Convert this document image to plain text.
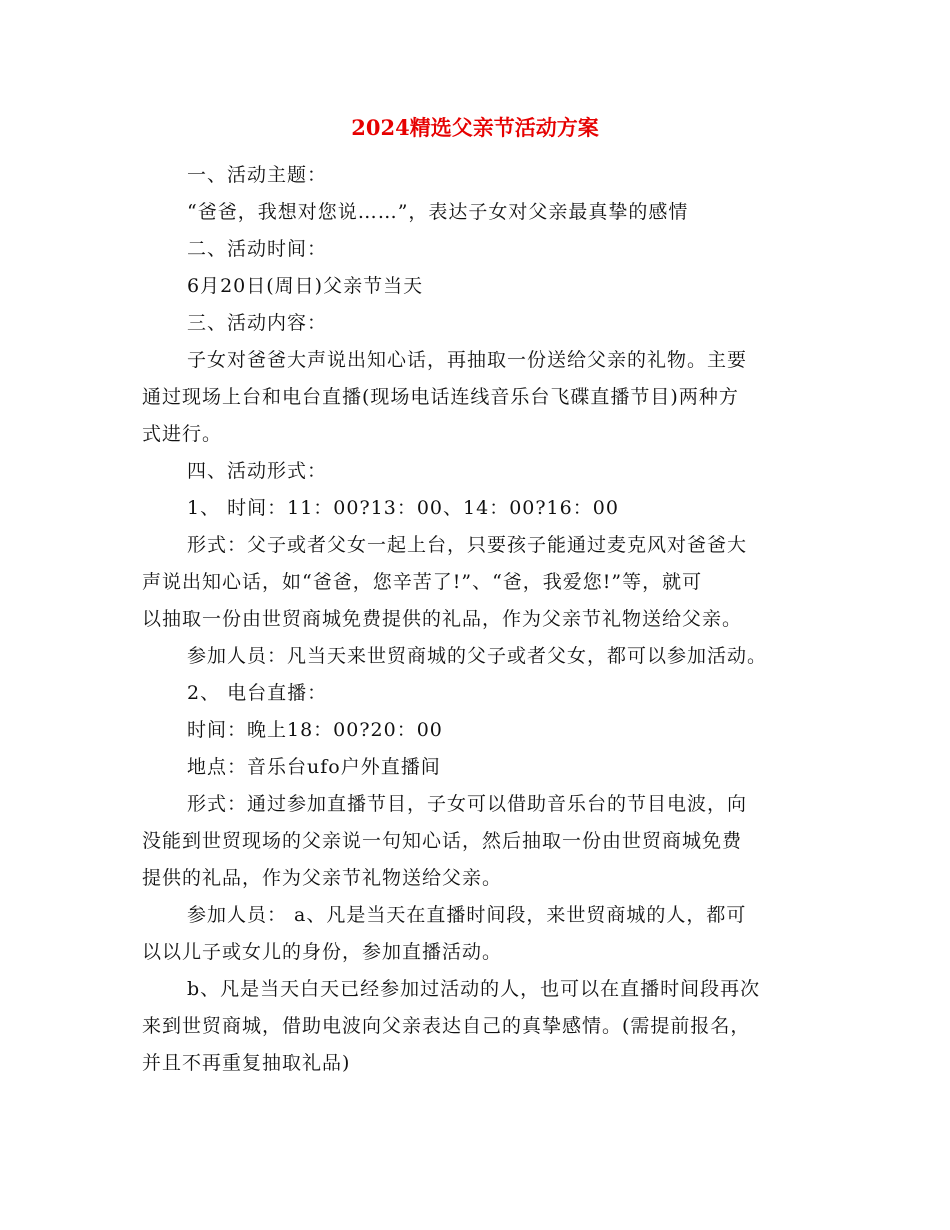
2024精选父亲节活动方案
一、活动主题：
“爸爸，我想对您说……”，表达子女对父亲最真挚的感情
二、活动时间：
6月20日(周日)父亲节当天
三、活动内容：
子女对爸爸大声说出知心话，再抽取一份送给父亲的礼物。主要
通过现场上台和电台直播(现场电话连线音乐台飞碟直播节目)两种方
式进行。
四、活动形式：
1、 时间：11：00?13：00、14：00?16：00
形式：父子或者父女一起上台，只要孩子能通过麦克风对爸爸大
声说出知心话，如“爸爸，您辛苦了!”、“爸，我爱您!”等，就可
以抽取一份由世贸商城免费提供的礼品，作为父亲节礼物送给父亲。
参加人员：凡当天来世贸商城的父子或者父女，都可以参加活动。
2、 电台直播：
时间：晚上18：00?20：00
地点：音乐台ufo户外直播间
形式：通过参加直播节目，子女可以借助音乐台的节目电波，向
没能到世贸现场的父亲说一句知心话，然后抽取一份由世贸商城免费
提供的礼品，作为父亲节礼物送给父亲。
参加人员： a、凡是当天在直播时间段，来世贸商城的人，都可
以以儿子或女儿的身份，参加直播活动。
b、凡是当天白天已经参加过活动的人，也可以在直播时间段再次
来到世贸商城，借助电波向父亲表达自己的真挚感情。(需提前报名，
并且不再重复抽取礼品)
